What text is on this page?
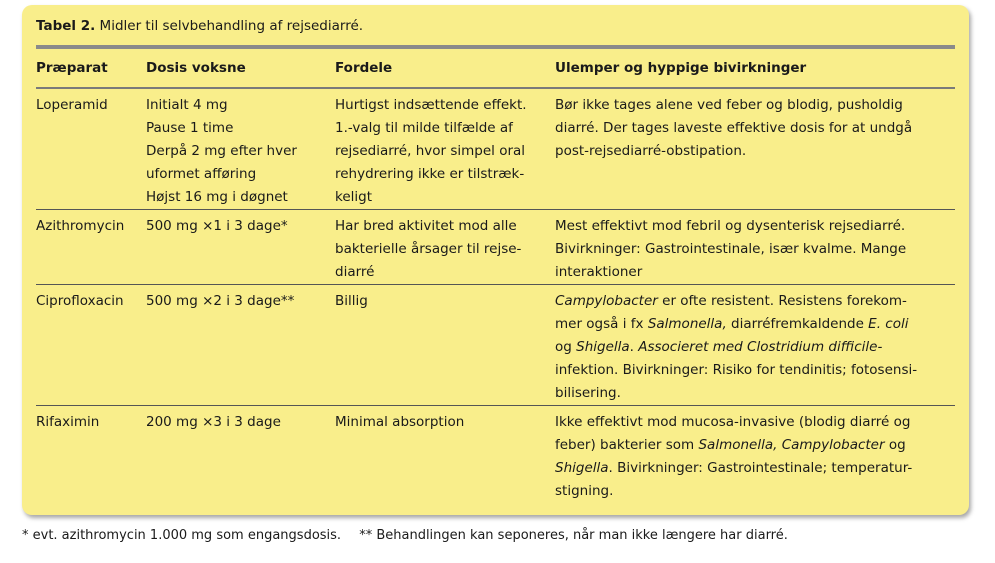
Tabel 2. Midler til selvbehandling af rejsediarré.
Præparat	Dosis voksne	Fordele	Ulemper og hyppige bivirkninger

Loperamid	Initialt 4 mg
Pause 1 time
Derpå 2 mg efter hver
uformet afføring
Højst 16 mg i døgnet	Hurtigst indsættende effekt.
1.-valg til milde tilfælde af
rejsediarré, hvor simpel oral
rehydrering ikke er tilstræk-
keligt	Bør ikke tages alene ved feber og blodig, pusholdig
diarré. Der tages laveste effektive dosis for at undgå
post-rejsediarré-obstipation.

Azithromycin	500 mg ×1 i 3 dage*	Har bred aktivitet mod alle
bakterielle årsager til rejse-
diarré	Mest effektivt mod febril og dysenterisk rejsediarré.
Bivirkninger: Gastrointestinale, især kvalme. Mange
interaktioner

Ciprofloxacin	500 mg ×2 i 3 dage**	Billig	Campylobacter er ofte resistent. Resistens forekom-
mer også i fx Salmonella, diarréfremkaldende E. coli
og Shigella. Associeret med Clostridium difficile-
infektion. Bivirkninger: Risiko for tendinitis; fotosensi-
bilisering.

Rifaximin	200 mg ×3 i 3 dage	Minimal absorption	Ikke effektivt mod mucosa-invasive (blodig diarré og
feber) bakterier som Salmonella, Campylobacter og
Shigella. Bivirkninger: Gastrointestinale; temperatur-
stigning.
* evt. azithromycin 1.000 mg som engangsdosis. ** Behandlingen kan seponeres, når man ikke længere har diarré.
